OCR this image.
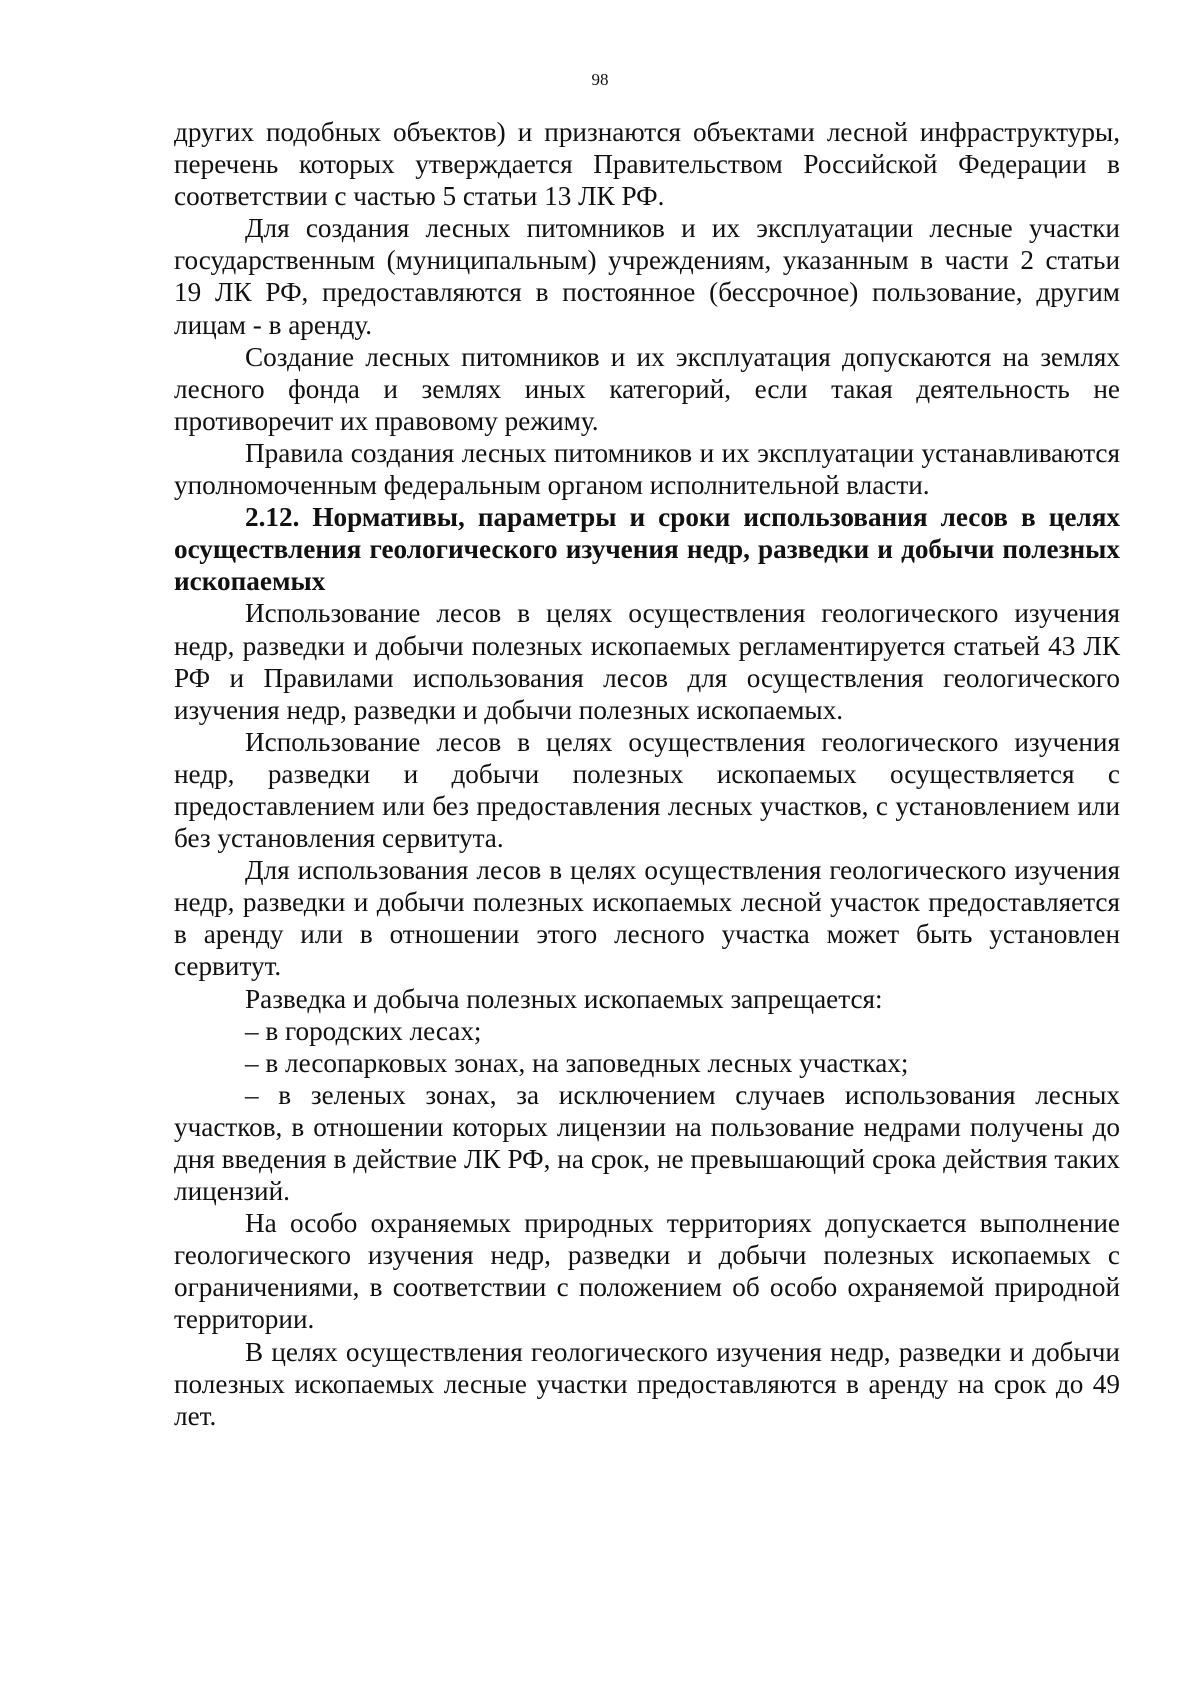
98

других подобных объектов) и признаются объектами лесной инфраструктуры, перечень которых утверждается Правительством Российской Федерации в соответствии с частью 5 статьи 13 ЛК РФ.

Для создания лесных питомников и их эксплуатации лесные участки государственным (муниципальным) учреждениям, указанным в части 2 статьи 19 ЛК РФ, предоставляются в постоянное (бессрочное) пользование, другим лицам - в аренду.

Создание лесных питомников и их эксплуатация допускаются на землях лесного фонда и землях иных категорий, если такая деятельность не противоречит их правовому режиму.

Правила создания лесных питомников и их эксплуатации устанавливаются уполномоченным федеральным органом исполнительной власти.

2.12. Нормативы, параметры и сроки использования лесов в целях осуществления геологического изучения недр, разведки и добычи полезных ископаемых

Использование лесов в целях осуществления геологического изучения недр, разведки и добычи полезных ископаемых регламентируется статьей 43 ЛК РФ и Правилами использования лесов для осуществления геологического изучения недр, разведки и добычи полезных ископаемых.

Использование лесов в целях осуществления геологического изучения недр, разведки и добычи полезных ископаемых осуществляется с предоставлением или без предоставления лесных участков, с установлением или без установления сервитута.

Для использования лесов в целях осуществления геологического изучения недр, разведки и добычи полезных ископаемых лесной участок предоставляется в аренду или в отношении этого лесного участка может быть установлен сервитут.

Разведка и добыча полезных ископаемых запрещается:

– в городских лесах;

– в лесопарковых зонах, на заповедных лесных участках;

– в зеленых зонах, за исключением случаев использования лесных участков, в отношении которых лицензии на пользование недрами получены до дня введения в действие ЛК РФ, на срок, не превышающий срока действия таких лицензий.

На особо охраняемых природных территориях допускается выполнение геологического изучения недр, разведки и добычи полезных ископаемых с ограничениями, в соответствии с положением об особо охраняемой природной территории.

В целях осуществления геологического изучения недр, разведки и добычи полезных ископаемых лесные участки предоставляются в аренду на срок до 49 лет.
